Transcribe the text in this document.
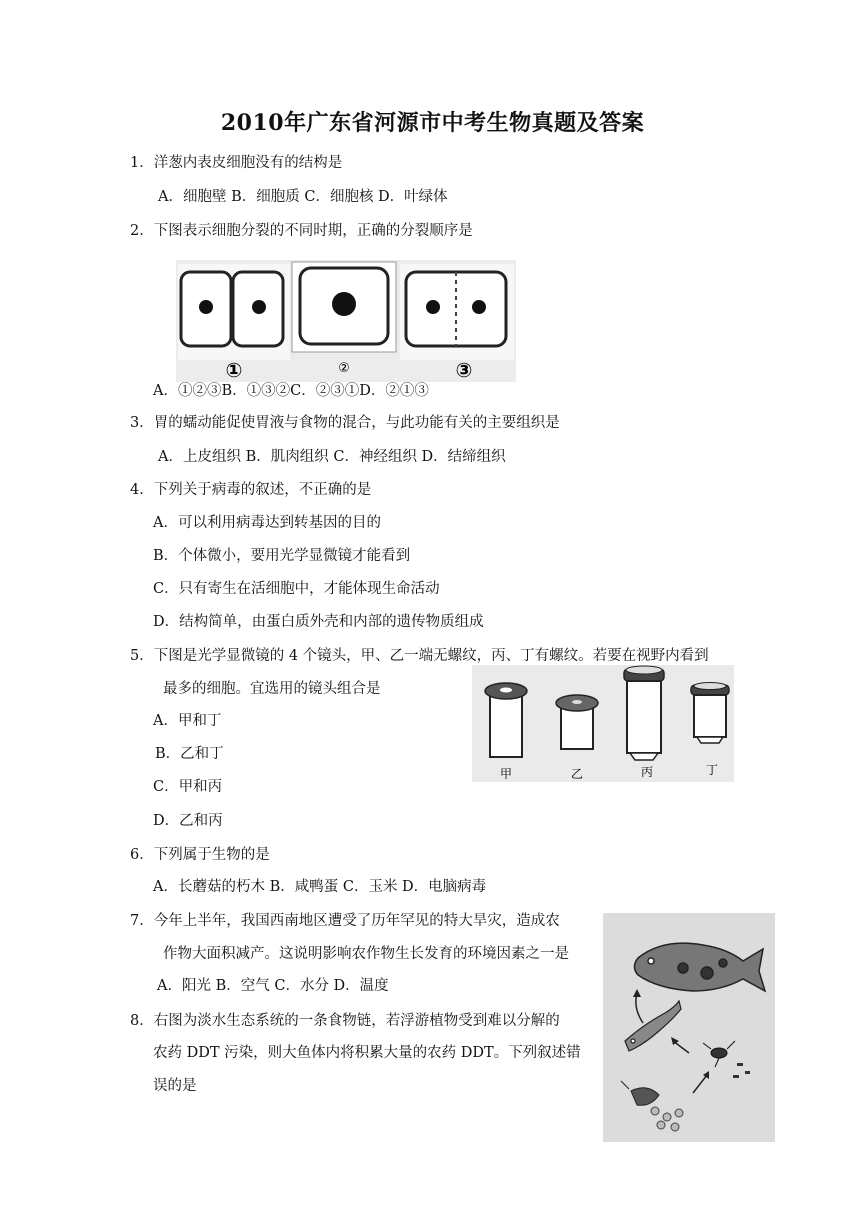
2010年广东省河源市中考生物真题及答案
1．洋葱内表皮细胞没有的结构是
A．细胞壁 B．细胞质 C．细胞核 D．叶绿体
2．下图表示细胞分裂的不同时期，正确的分裂顺序是
①	②	③
A．①②③B．①③②C．②③①D．②①③
3．胃的蠕动能促使胃液与食物的混合，与此功能有关的主要组织是
A．上皮组织 B．肌肉组织 C．神经组织 D．结缔组织
4．下列关于病毒的叙述，不正确的是
A．可以利用病毒达到转基因的目的
B．个体微小，要用光学显微镜才能看到
C．只有寄生在活细胞中，才能体现生命活动
D．结构简单，由蛋白质外壳和内部的遗传物质组成
5．下图是光学显微镜的 4 个镜头，甲、乙一端无螺纹，丙、丁有螺纹。若要在视野内看到
最多的细胞。宜选用的镜头组合是
A．甲和丁
B．乙和丁
C．甲和丙
D．乙和丙
甲	乙	丙	丁
6．下列属于生物的是
A．长蘑菇的朽木 B．咸鸭蛋 C．玉米 D．电脑病毒
7．今年上半年，我国西南地区遭受了历年罕见的特大旱灾，造成农
作物大面积减产。这说明影响农作物生长发育的环境因素之一是
A．阳光 B．空气 C．水分 D．温度
8．右图为淡水生态系统的一条食物链，若浮游植物受到难以分解的
农药 DDT 污染，则大鱼体内将积累大量的农药 DDT。下列叙述错
误的是
